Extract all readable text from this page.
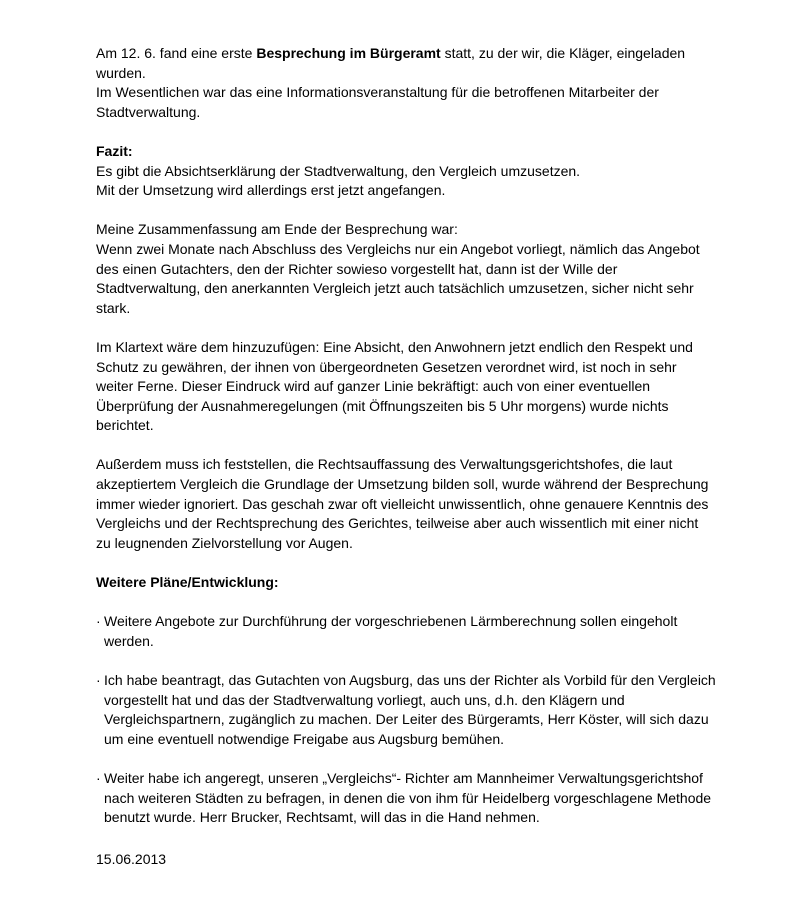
Am 12. 6. fand eine erste Besprechung im Bürgeramt statt, zu der wir, die Kläger, eingeladen wurden.

Im Wesentlichen war das eine Informationsveranstaltung für die betroffenen Mitarbeiter der Stadtverwaltung.

Fazit:

Es gibt die Absichtserklärung der Stadtverwaltung, den Vergleich umzusetzen.

Mit der Umsetzung wird allerdings erst jetzt angefangen.

Meine Zusammenfassung am Ende der Besprechung war:

Wenn zwei Monate nach Abschluss des Vergleichs nur ein Angebot vorliegt, nämlich das Angebot des einen Gutachters, den der Richter sowieso vorgestellt hat, dann ist der Wille der Stadtverwaltung, den anerkannten Vergleich jetzt auch tatsächlich umzusetzen, sicher nicht sehr stark.

Im Klartext wäre dem hinzuzufügen: Eine Absicht, den Anwohnern jetzt endlich den Respekt und Schutz zu gewähren, der ihnen von übergeordneten Gesetzen verordnet wird, ist noch in sehr weiter Ferne. Dieser Eindruck wird auf ganzer Linie bekräftigt: auch von einer eventuellen Überprüfung der Ausnahmeregelungen (mit Öffnungszeiten bis 5 Uhr morgens) wurde nichts berichtet.

Außerdem muss ich feststellen, die Rechtsauffassung des Verwaltungsgerichtshofes, die laut akzeptiertem Vergleich die Grundlage der Umsetzung bilden soll, wurde während der Besprechung immer wieder ignoriert. Das geschah zwar oft vielleicht unwissentlich, ohne genauere Kenntnis des Vergleichs und der Rechtsprechung des Gerichtes, teilweise aber auch wissentlich mit einer nicht zu leugnenden Zielvorstellung vor Augen.

Weitere Pläne/Entwicklung:

· Weitere Angebote zur Durchführung der vorgeschriebenen Lärmberechnung sollen eingeholt werden.
· Ich habe beantragt, das Gutachten von Augsburg, das uns der Richter als Vorbild für den Vergleich vorgestellt hat und das der Stadtverwaltung vorliegt, auch uns, d.h. den Klägern und Vergleichspartnern, zugänglich zu machen. Der Leiter des Bürgeramts, Herr Köster, will sich dazu um eine eventuell notwendige Freigabe aus Augsburg bemühen.
· Weiter habe ich angeregt, unseren „Vergleichs“- Richter am Mannheimer Verwaltungsgerichtshof nach weiteren Städten zu befragen, in denen die von ihm für Heidelberg vorgeschlagene Methode benutzt wurde. Herr Brucker, Rechtsamt, will das in die Hand nehmen.

15.06.2013
